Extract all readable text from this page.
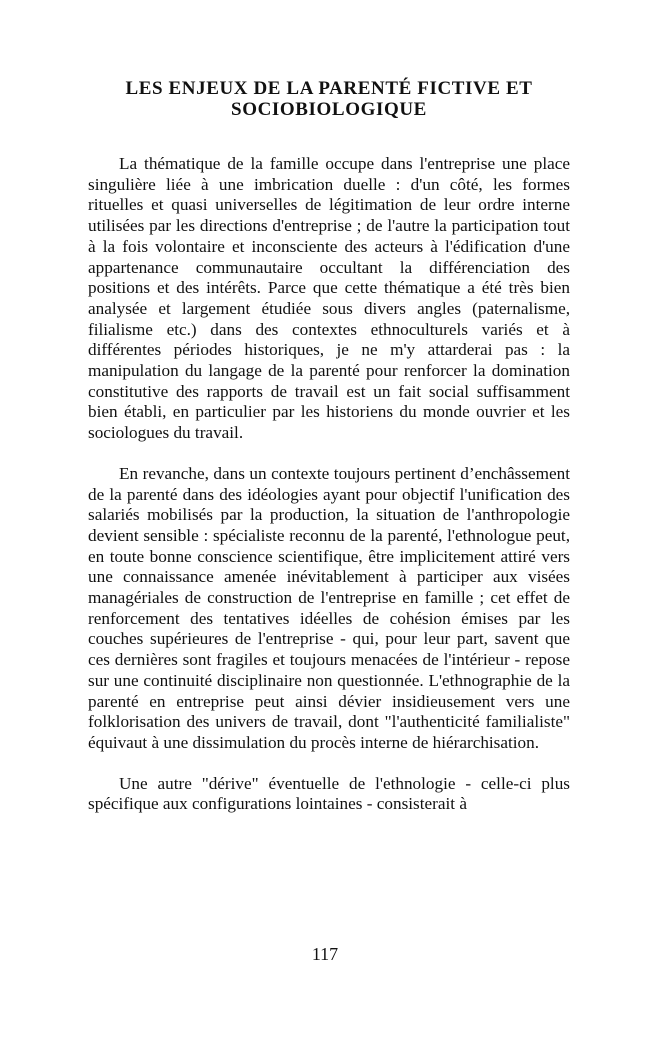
LES ENJEUX DE LA PARENTÉ FICTIVE ET
SOCIOBIOLOGIQUE

La thématique de la famille occupe dans l'entreprise une place singulière liée à une imbrication duelle : d'un côté, les formes rituelles et quasi universelles de légitimation de leur ordre interne utilisées par les directions d'entreprise ; de l'autre la participation tout à la fois volontaire et inconsciente des acteurs à l'édification d'une appartenance communautaire occultant la différenciation des positions et des intérêts. Parce que cette thématique a été très bien analysée et largement étudiée sous divers angles (paternalisme, filialisme etc.) dans des contextes ethnoculturels variés et à différentes périodes historiques, je ne m'y attarderai pas : la manipulation du langage de la parenté pour renforcer la domination constitutive des rapports de travail est un fait social suffisamment bien établi, en particulier par les historiens du monde ouvrier et les sociologues du travail.

En revanche, dans un contexte toujours pertinent d’enchâssement de la parenté dans des idéologies ayant pour objectif l'unification des salariés mobilisés par la production, la situation de l'anthropologie devient sensible : spécialiste reconnu de la parenté, l'ethnologue peut, en toute bonne conscience scientifique, être implicitement attiré vers une connaissance amenée inévitablement à participer aux visées managériales de construction de l'entreprise en famille ; cet effet de renforcement des tentatives idéelles de cohésion émises par les couches supérieures de l'entreprise - qui, pour leur part, savent que ces dernières sont fragiles et toujours menacées de l'intérieur - repose sur une continuité disciplinaire non questionnée. L'ethnographie de la parenté en entreprise peut ainsi dévier insidieusement vers une folklorisation des univers de travail, dont "l'authenticité familialiste" équivaut à une dissimulation du procès interne de hiérarchisation.

Une autre "dérive" éventuelle de l'ethnologie - celle-ci plus spécifique aux configurations lointaines - consisterait à

117
